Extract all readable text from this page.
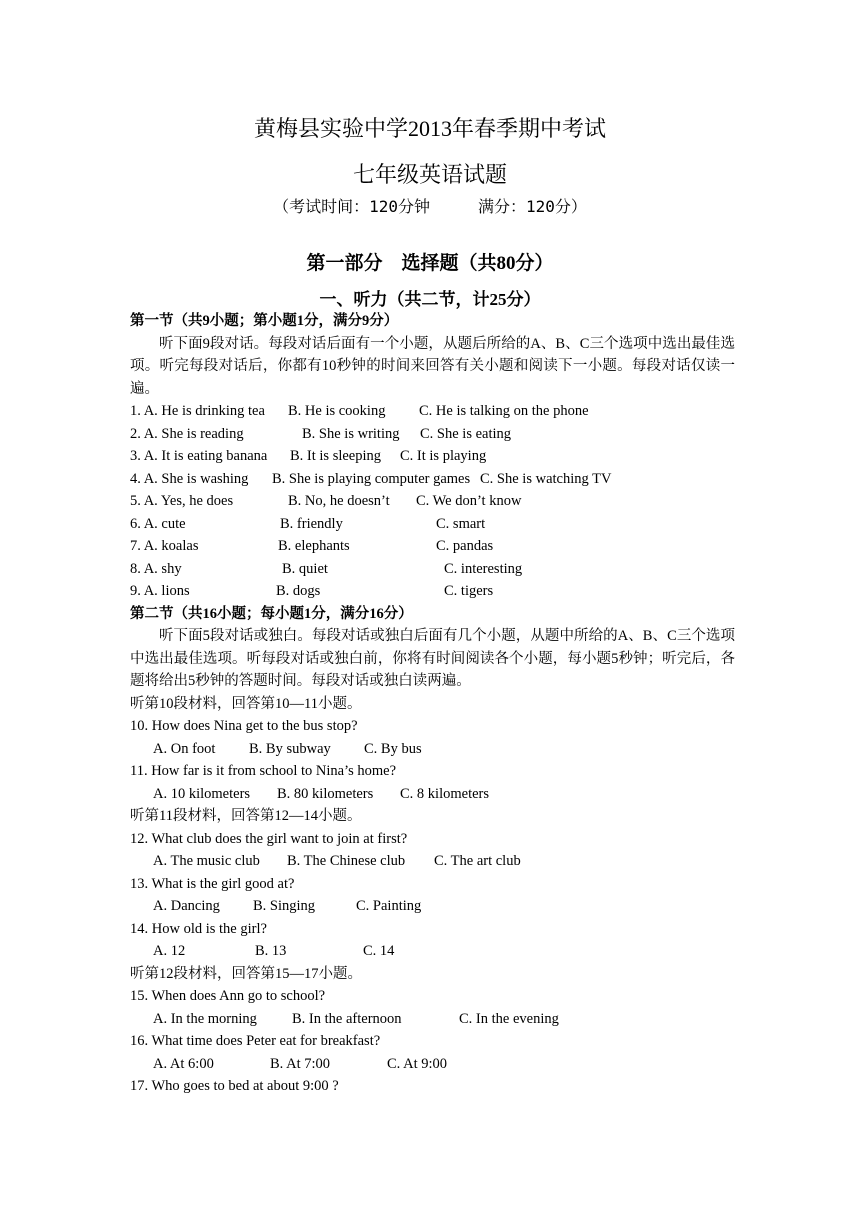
黄梅县实验中学2013年春季期中考试
七年级英语试题
（考试时间：120分钟	满分：120分）
第一部分　选择题（共80分）
一、听力（共二节，计25分）
第一节（共9小题；第小题1分，满分9分）
听下面9段对话。每段对话后面有一个小题，从题后所给的A、B、C三个选项中选出最佳选项。听完每段对话后，你都有10秒钟的时间来回答有关小题和阅读下一小题。每段对话仅读一遍。
1. A. He is drinking tea B. He is cooking C. He is talking on the phone
2. A. She is reading	B. She is writing C. She is eating
3. A. It is eating banana B. It is sleeping C. It is playing
4. A. She is washing B. She is playing computer games C. She is watching TV
5. A. Yes, he does	B. No, he doesn’t C. We don’t know
6. A. cute	B. friendly	C. smart
7. A. koalas	B. elephants	C. pandas
8. A. shy	B. quiet	C. interesting
9. A. lions	B. dogs	C. tigers
第二节（共16小题；每小题1分，满分16分）
听下面5段对话或独白。每段对话或独白后面有几个小题，从题中所给的A、B、C三个选项中选出最佳选项。听每段对话或独白前，你将有时间阅读各个小题，每小题5秒钟；听完后，各题将给出5秒钟的答题时间。每段对话或独白读两遍。
听第10段材料，回答第10—11小题。
10. How does Nina get to the bus stop?
A. On foot B. By subway C. By bus
11. How far is it from school to Nina’s home?
A. 10 kilometers B. 80 kilometers C. 8 kilometers
听第11段材料，回答第12—14小题。
12. What club does the girl want to join at first?
A. The music club B. The Chinese club C. The art club
13. What is the girl good at?
A. Dancing B. Singing	C. Painting
14. How old is the girl?
A. 12	B. 13	C. 14
听第12段材料，回答第15—17小题。
15. When does Ann go to school?
A. In the morning B. In the afternoon	C. In the evening
16. What time does Peter eat for breakfast?
A. At 6:00	B. At 7:00	C. At 9:00
17. Who goes to bed at about 9:00 ?
